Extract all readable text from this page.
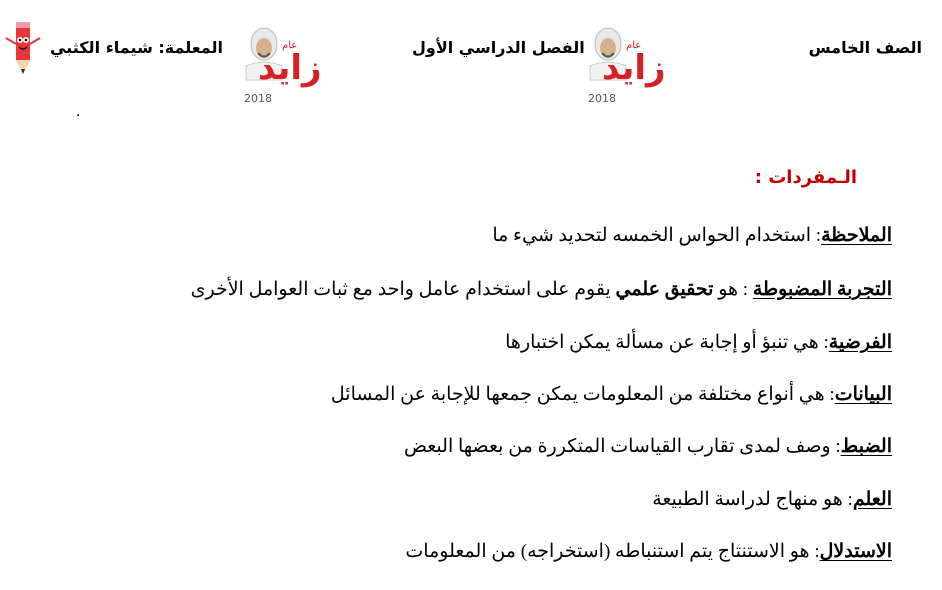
الصف الخامس
الفصل الدراسي الأول
المعلمة: شيماء الكثبي	عام
زايد
2018
عام
زايد
2018
.
الـمفردات :
الملاحظة: استخدام الحواس الخمسه لتحديد شيء ما
التجربة المضبوطة : هو تحقيق علمي يقوم على استخدام عامل واحد مع ثبات العوامل الأخرى
الفرضية: هي تنبؤ أو إجابة عن مسألة يمكن اختبارها
البيانات: هي أنواع مختلفة من المعلومات يمكن جمعها للإجابة عن المسائل
الضبط: وصف لمدى تقارب القياسات المتكررة من بعضها البعض
العلم: هو منهاج لدراسة الطبيعة
الاستدلال: هو الاستنتاج يتم استنباطه (استخراجه) من المعلومات
